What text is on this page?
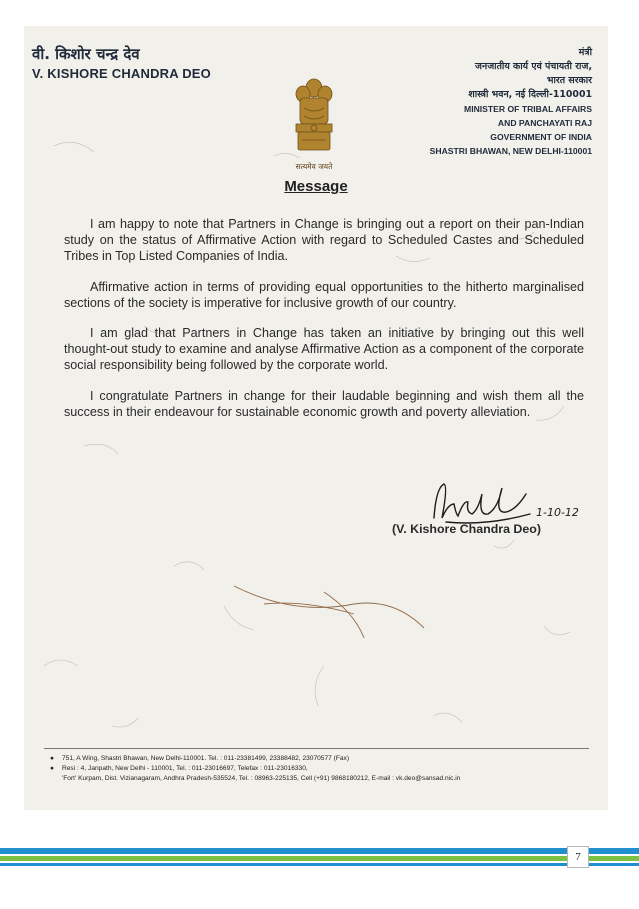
वी. किशोर चन्द्र देव
V. KISHORE CHANDRA DEO
सत्यमेव जयते
मंत्री
जनजातीय कार्य एवं पंचायती राज,
भारत सरकार
शास्त्री भवन, नई दिल्ली-110001
MINISTER OF TRIBAL AFFAIRS
AND PANCHAYATI RAJ
GOVERNMENT OF INDIA
SHASTRI BHAWAN, NEW DELHI-110001
Message

I am happy to note that Partners in Change is bringing out a report on their pan-Indian study on the status of Affirmative Action with regard to Scheduled Castes and Scheduled Tribes in Top Listed Companies of India.

Affirmative action in terms of providing equal opportunities to the hitherto marginalised sections of the society is imperative for inclusive growth of our country.

I am glad that Partners in Change has taken an initiative by bringing out this well thought-out study to examine and analyse Affirmative Action as a component of the corporate social responsibility being followed by the corporate world.

I congratulate Partners in change for their laudable beginning and wish them all the success in their endeavour for sustainable economic growth and poverty alleviation.

1-10-12
(V. Kishore Chandra Deo)
●	751, A Wing, Shastri Bhawan, New Delhi-110001. Tel. : 011-23381499, 23388482, 23070577 (Fax)
●	Resi : 4, Janpath, New Delhi - 110001, Tel. : 011-23016697, Telefax : 011-23016330,
'Fort' Kurpam, Dist. Vizianagaram, Andhra Pradesh-535524, Tel. : 08963-225135, Cell (+91) 9868180212, E-mail : vk.deo@sansad.nic.in
7
